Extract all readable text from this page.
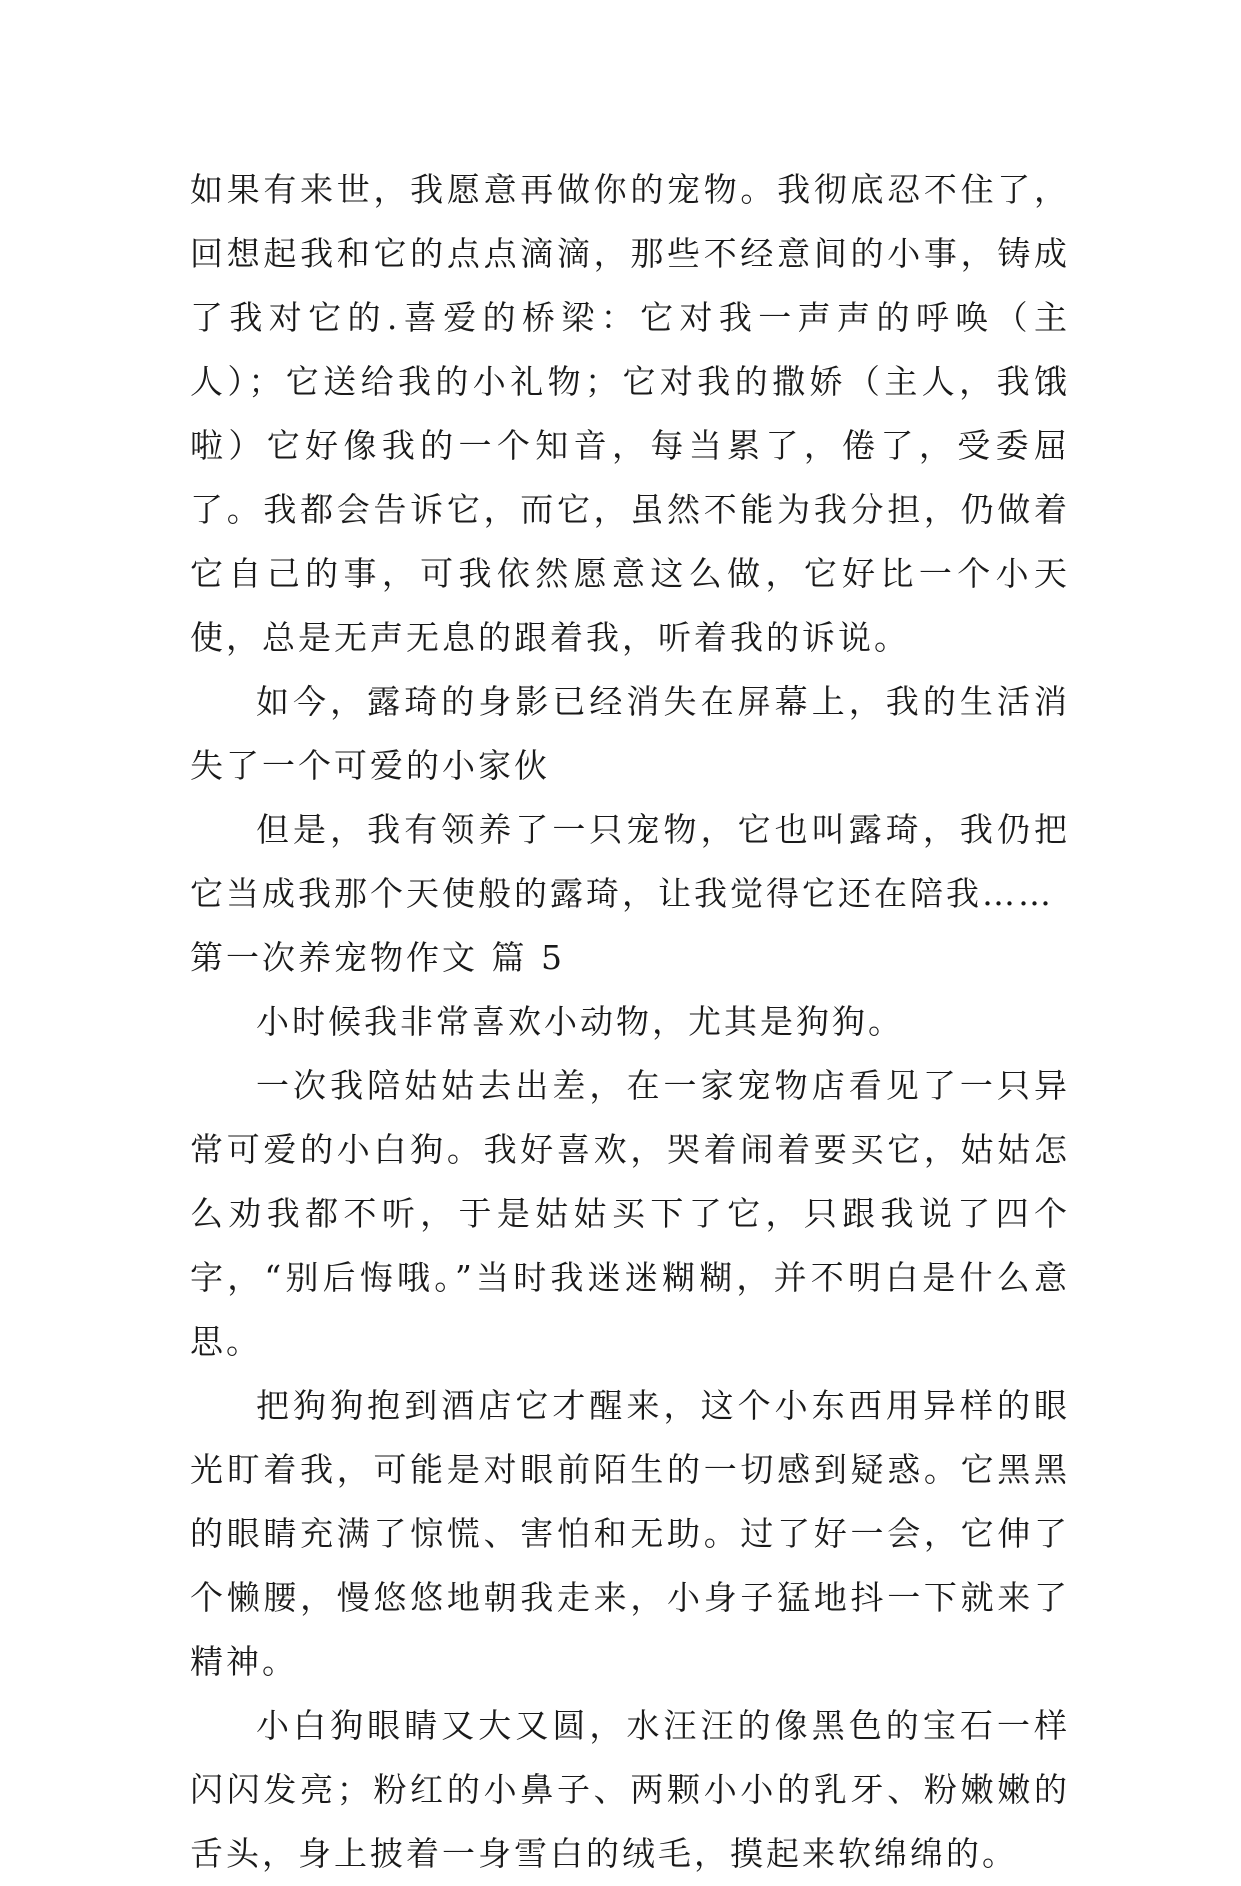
如果有来世，我愿意再做你的宠物。我彻底忍不住了，回想起我和它的点点滴滴，那些不经意间的小事，铸成了我对它的.喜爱的桥梁：它对我一声声的呼唤（主人）；它送给我的小礼物；它对我的撒娇（主人，我饿啦）它好像我的一个知音，每当累了，倦了，受委屈了。我都会告诉它，而它，虽然不能为我分担，仍做着它自己的事，可我依然愿意这么做，它好比一个小天使，总是无声无息的跟着我，听着我的诉说。

如今，露琦的身影已经消失在屏幕上，我的生活消失了一个可爱的小家伙

但是，我有领养了一只宠物，它也叫露琦，我仍把它当成我那个天使般的露琦，让我觉得它还在陪我……

第一次养宠物作文 篇 5

小时候我非常喜欢小动物，尤其是狗狗。

一次我陪姑姑去出差，在一家宠物店看见了一只异常可爱的小白狗。我好喜欢，哭着闹着要买它，姑姑怎么劝我都不听，于是姑姑买下了它，只跟我说了四个字，“别后悔哦。”当时我迷迷糊糊，并不明白是什么意思。

把狗狗抱到酒店它才醒来，这个小东西用异样的眼光盯着我，可能是对眼前陌生的一切感到疑惑。它黑黑的眼睛充满了惊慌、害怕和无助。过了好一会，它伸了个懒腰，慢悠悠地朝我走来，小身子猛地抖一下就来了精神。

小白狗眼睛又大又圆，水汪汪的像黑色的宝石一样闪闪发亮；粉红的小鼻子、两颗小小的乳牙、粉嫩嫩的舌头，身上披着一身雪白的绒毛，摸起来软绵绵的。
